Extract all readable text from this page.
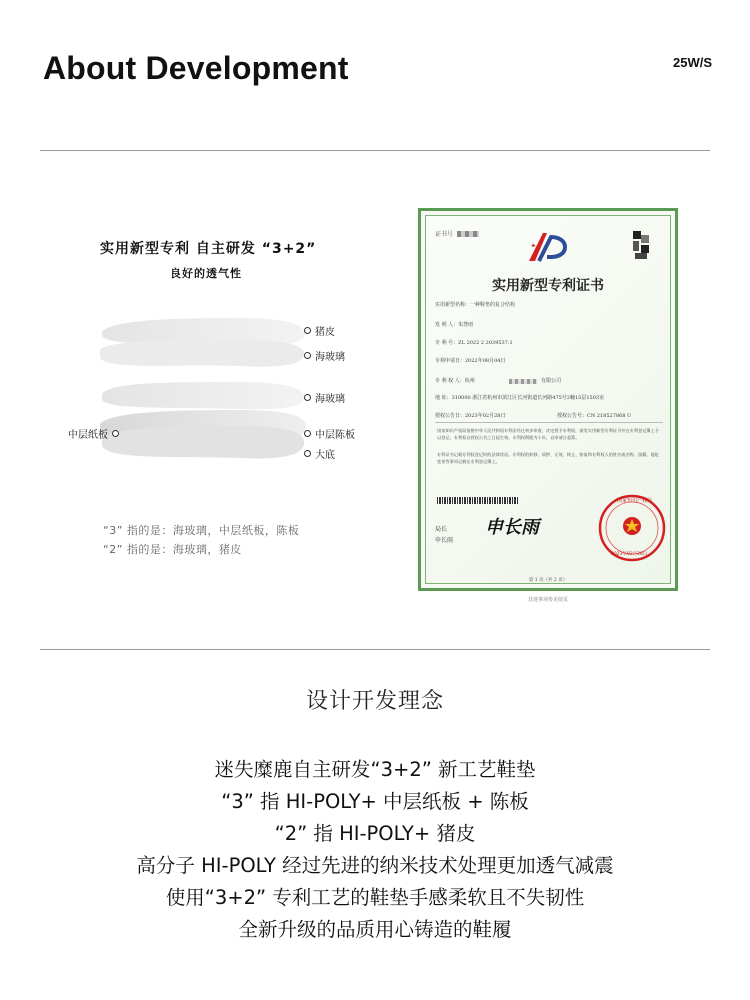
About Development	25W/S
实用新型专利 自主研发 “3+2”
良好的透气性
猪皮
海玻璃
海玻璃
中层纸板	中层陈板
大底
“3” 指的是：海玻璃，中层纸板，陈板
“2” 指的是：海玻璃，猪皮
证书号
实用新型专利证书
实用新型名称：一种鞋垫的复合结构
发 明 人：朱慧雨
专 利 号：ZL 2022 2 2039537.1
专利申请日：2022年08月04日
专 利 权 人：杭州	有限公司
地 址：310000 浙江省杭州市滨江区长河街道长河路475号2幢15层1503室
授权公告日：2023年02月28日	授权公告号：CN 218527868 U
国家知识产权局依照中华人民共和国专利法经过初步审查，决定授予专利权，颁发实用新型专利证书并在专利登记簿上予以登记。专利权自授权公告之日起生效。专利权期限为十年，自申请日起算。
专利证书记载专利权登记时的法律状况。专利权的转移、质押、无效、终止、恢复和专利权人的姓名或名称、国籍、地址变更等事项记载在专利登记簿上。
局长
申长雨
申长雨
2023年02月28日
国家知识产权局
第 1 页（共 2 页）
其他事项参见续页
设计开发理念
迷失糜鹿自主研发“3+2” 新工艺鞋垫
“3” 指 HI-POLY+ 中层纸板 + 陈板
“2” 指 HI-POLY+ 猪皮
高分子 HI-POLY 经过先进的纳米技术处理更加透气减震
使用“3+2” 专利工艺的鞋垫手感柔软且不失韧性
全新升级的品质用心铸造的鞋履
